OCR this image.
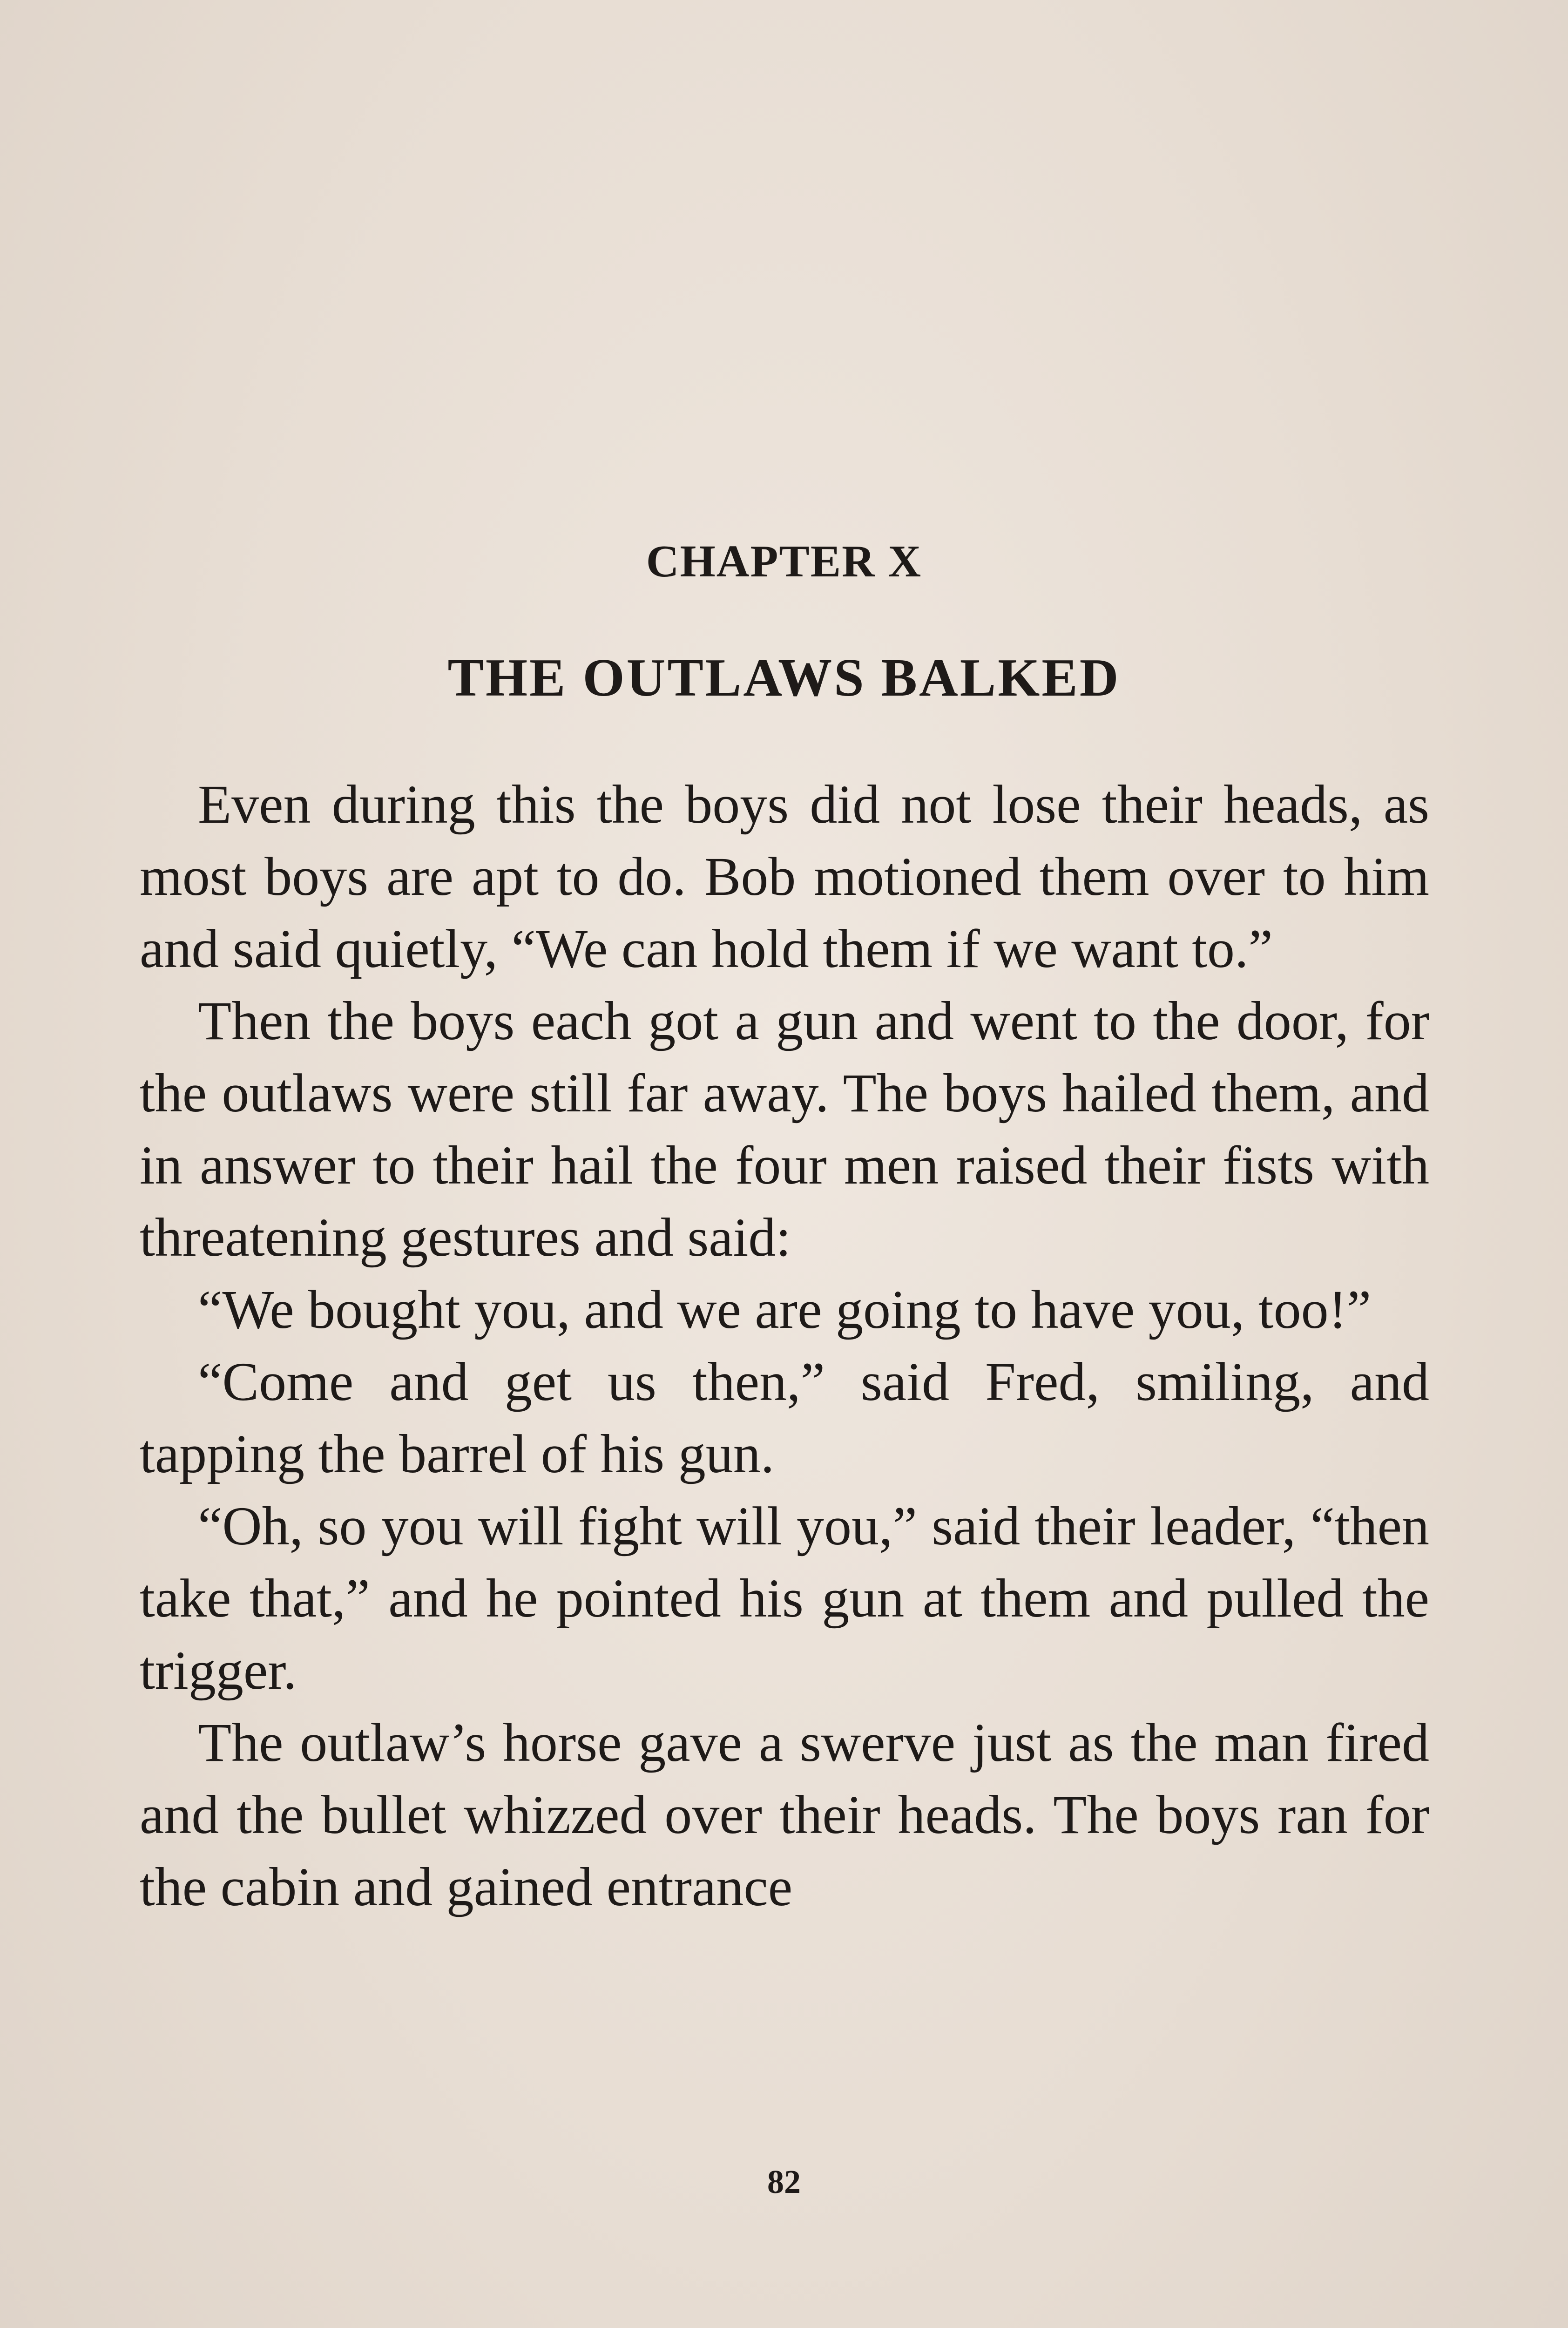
CHAPTER X
THE OUTLAWS BALKED

Even during this the boys did not lose their heads, as most boys are apt to do. Bob motioned them over to him and said quietly, “We can hold them if we want to.”

Then the boys each got a gun and went to the door, for the outlaws were still far away. The boys hailed them, and in answer to their hail the four men raised their fists with threatening gestures and said:

“We bought you, and we are going to have you, too!”

“Come and get us then,” said Fred, smiling, and tapping the barrel of his gun.

“Oh, so you will fight will you,” said their leader, “then take that,” and he pointed his gun at them and pulled the trigger.

The outlaw’s horse gave a swerve just as the man fired and the bullet whizzed over their heads. The boys ran for the cabin and gained entrance

82
